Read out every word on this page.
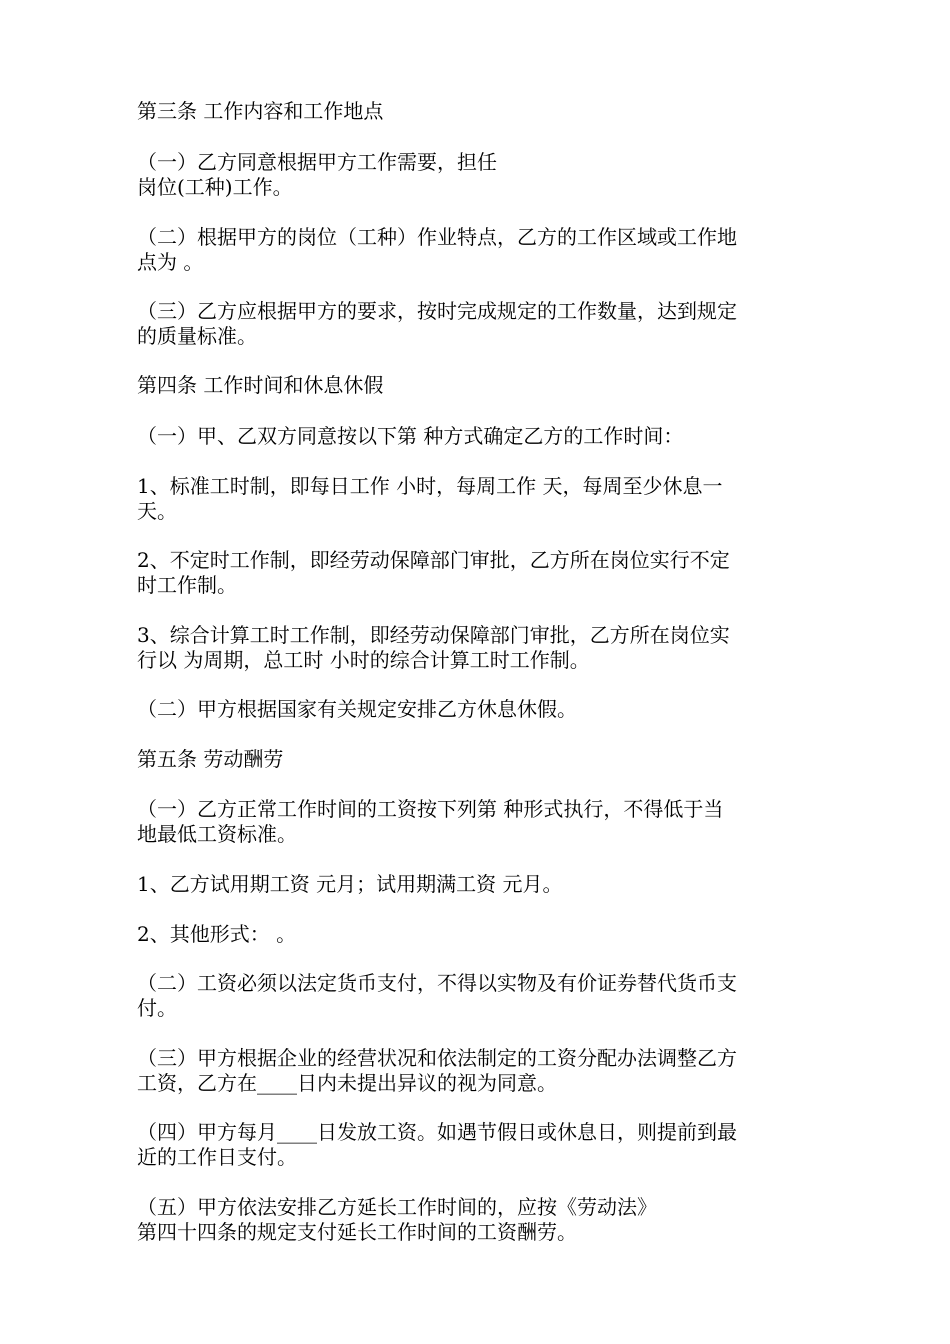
第三条 工作内容和工作地点

（一）乙方同意根据甲方工作需要，担任
岗位(工种)工作。

（二）根据甲方的岗位（工种）作业特点，乙方的工作区域或工作地
点为 。

（三）乙方应根据甲方的要求，按时完成规定的工作数量，达到规定
的质量标准。

第四条 工作时间和休息休假

（一）甲、乙双方同意按以下第 种方式确定乙方的工作时间：

1、标准工时制，即每日工作 小时，每周工作 天，每周至少休息一
天。

2、不定时工作制，即经劳动保障部门审批，乙方所在岗位实行不定
时工作制。

3、综合计算工时工作制，即经劳动保障部门审批，乙方所在岗位实
行以 为周期，总工时 小时的综合计算工时工作制。

（二）甲方根据国家有关规定安排乙方休息休假。

第五条 劳动酬劳

（一）乙方正常工作时间的工资按下列第 种形式执行，不得低于当
地最低工资标准。

1、乙方试用期工资 元月；试用期满工资 元月。

2、其他形式： 。

（二）工资必须以法定货币支付，不得以实物及有价证券替代货币支
付。

（三）甲方根据企业的经营状况和依法制定的工资分配办法调整乙方
工资，乙方在____日内未提出异议的视为同意。

（四）甲方每月____日发放工资。如遇节假日或休息日，则提前到最
近的工作日支付。

（五）甲方依法安排乙方延长工作时间的，应按《劳动法》
第四十四条的规定支付延长工作时间的工资酬劳。
